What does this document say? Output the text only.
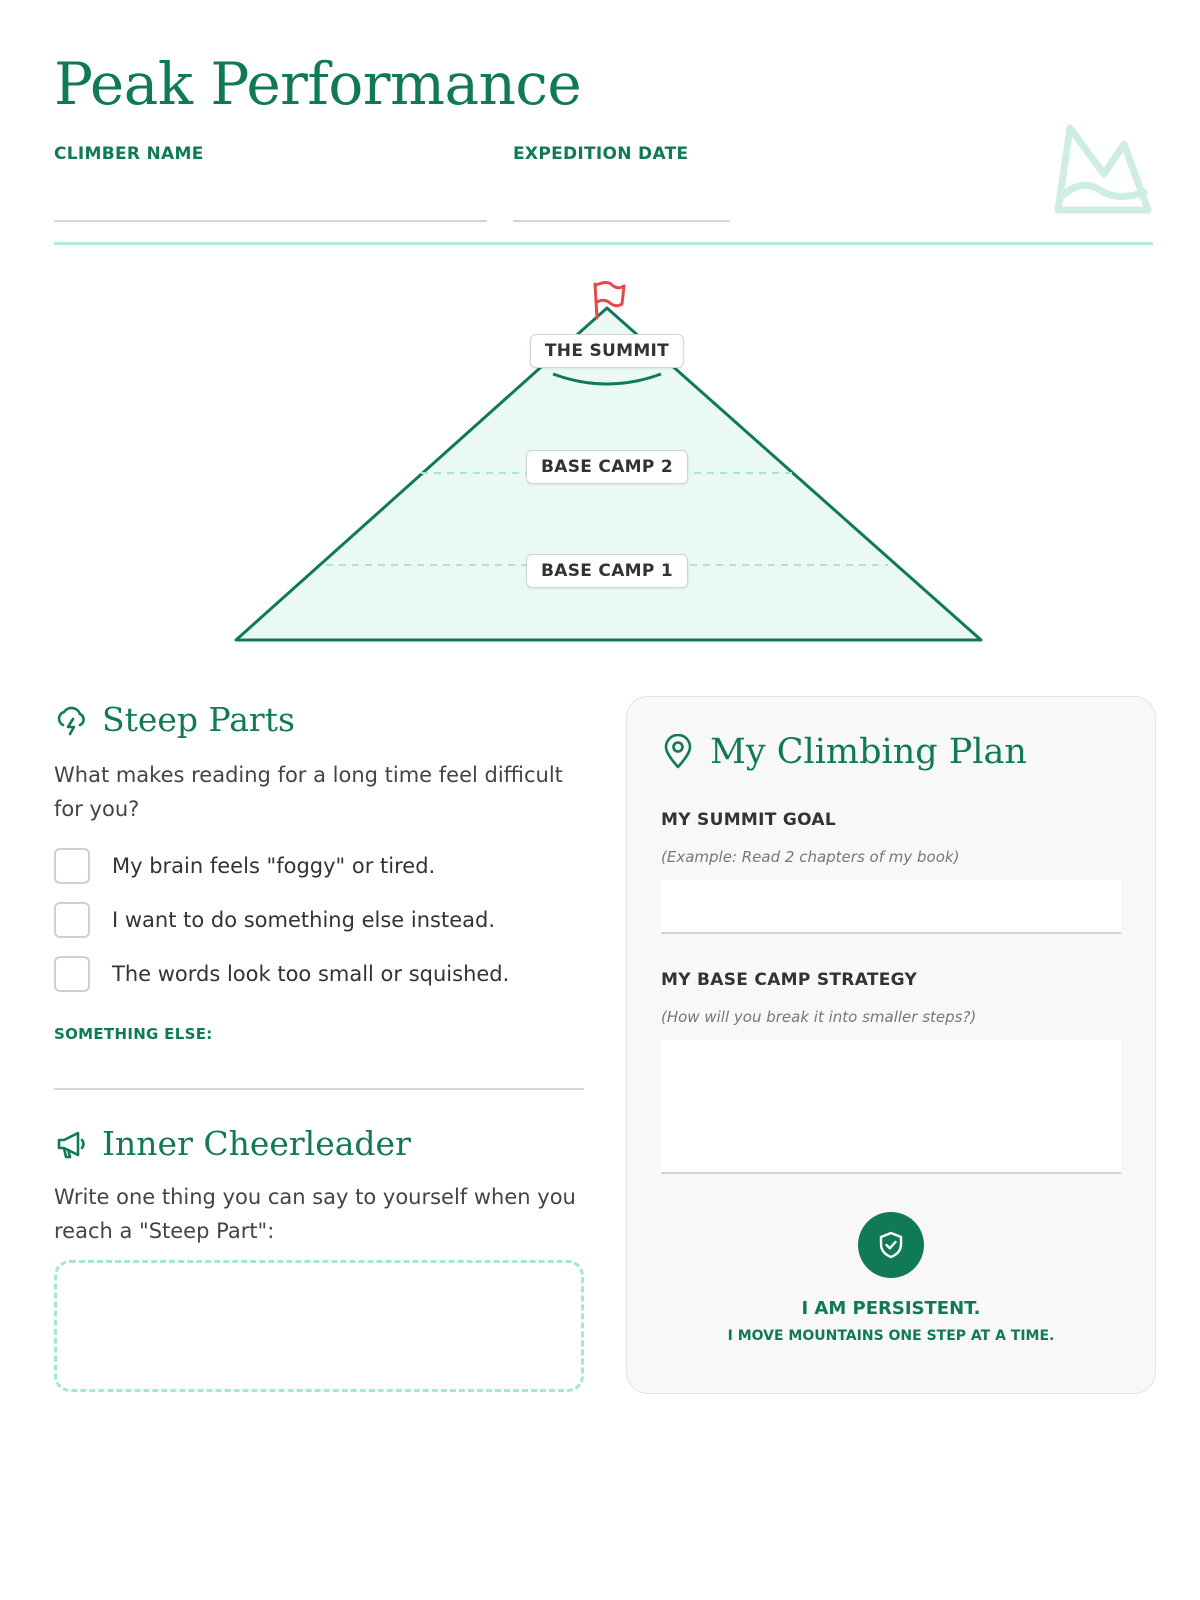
Peak Performance
CLIMBER NAME	EXPEDITION DATE
THE SUMMIT
BASE CAMP 2
BASE CAMP 1
Steep Parts
What makes reading for a long time feel difficult for you?
My brain feels "foggy" or tired.
I want to do something else instead.
The words look too small or squished.
SOMETHING ELSE:
Inner Cheerleader
Write one thing you can say to yourself when you reach a "Steep Part":
My Climbing Plan
MY SUMMIT GOAL
(Example: Read 2 chapters of my book)
MY BASE CAMP STRATEGY
(How will you break it into smaller steps?)
I AM PERSISTENT.
I MOVE MOUNTAINS ONE STEP AT A TIME.
